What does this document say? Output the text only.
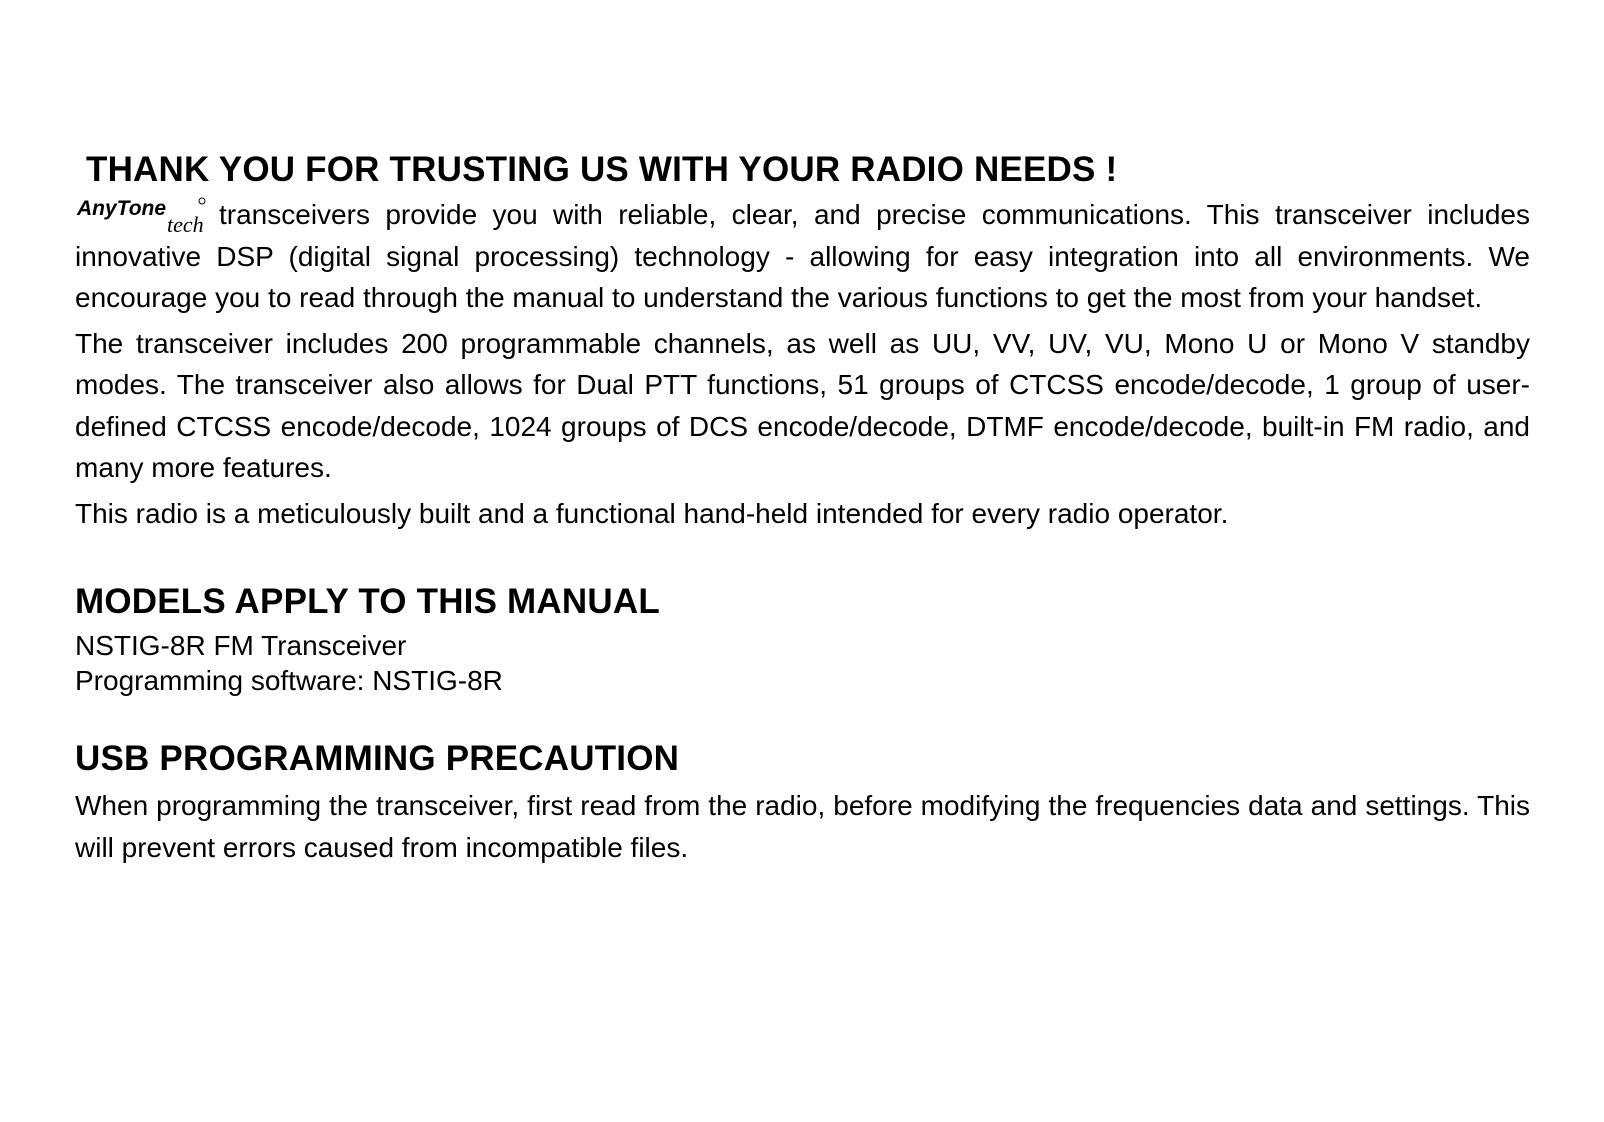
THANK YOU FOR TRUSTING US WITH YOUR RADIO NEEDS !

AnyTone
tech transceivers provide you with reliable, clear, and precise communications. This transceiver includes innovative DSP (digital signal processing) technology - allowing for easy integration into all environments. We encourage you to read through the manual to understand the various functions to get the most from your handset.

The transceiver includes 200 programmable channels, as well as UU, VV, UV, VU, Mono U or Mono V standby modes. The transceiver also allows for Dual PTT functions, 51 groups of CTCSS encode/decode, 1 group of user-defined CTCSS encode/decode, 1024 groups of DCS encode/decode, DTMF encode/decode, built-in FM radio, and many more features.

This radio is a meticulously built and a functional hand-held intended for every radio operator.

MODELS APPLY TO THIS MANUAL

NSTIG-8R FM Transceiver

Programming software: NSTIG-8R

USB PROGRAMMING PRECAUTION

When programming the transceiver, first read from the radio, before modifying the frequencies data and settings. This will prevent errors caused from incompatible files.
